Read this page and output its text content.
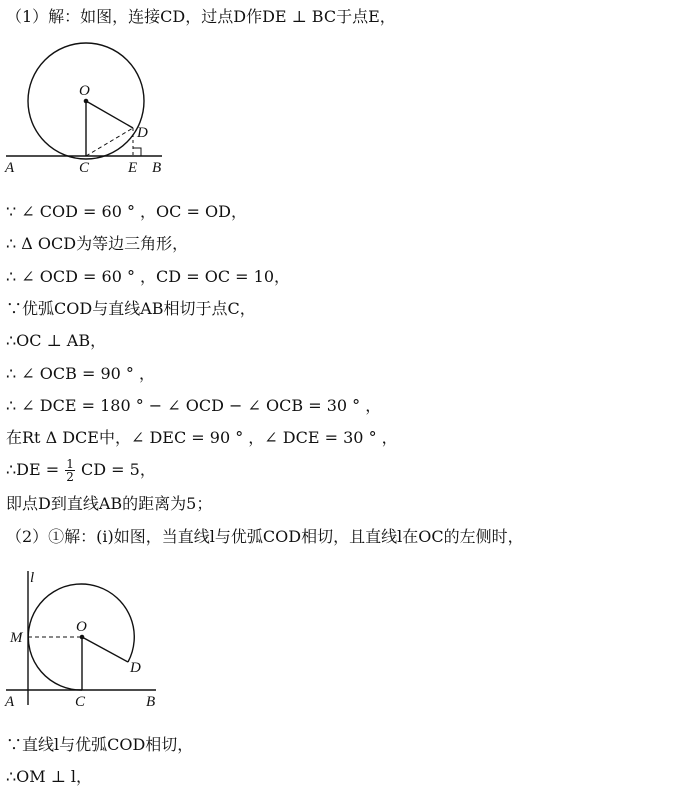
（1）解：如图，连接CD，过点D作DE ⊥ BC于点E，
O
D
A	C	E B
∵ ∠ COD = 60 ° ，OC = OD，
∴ Δ OCD为等边三角形，
∴ ∠ OCD = 60 ° ，CD = OC = 10，
∵优弧COD与直线AB相切于点C，
∴OC ⊥ AB，
∴ ∠ OCB = 90 ° ，
∴ ∠ DCE = 180 ° − ∠ OCD − ∠ OCB = 30 ° ，
在Rt Δ DCE中，∠ DEC = 90 ° ，∠ DCE = 30 ° ，
∴DE = $\frac{1}{2}$ CD = 5，
即点D到直线AB的距离为5；
（2）①解：(ⅰ)如图，当直线l与优弧COD相切，且直线l在OC的左侧时，
l
M
O
D
A	C	B
∵直线l与优弧COD相切，
∴OM ⊥ l，
